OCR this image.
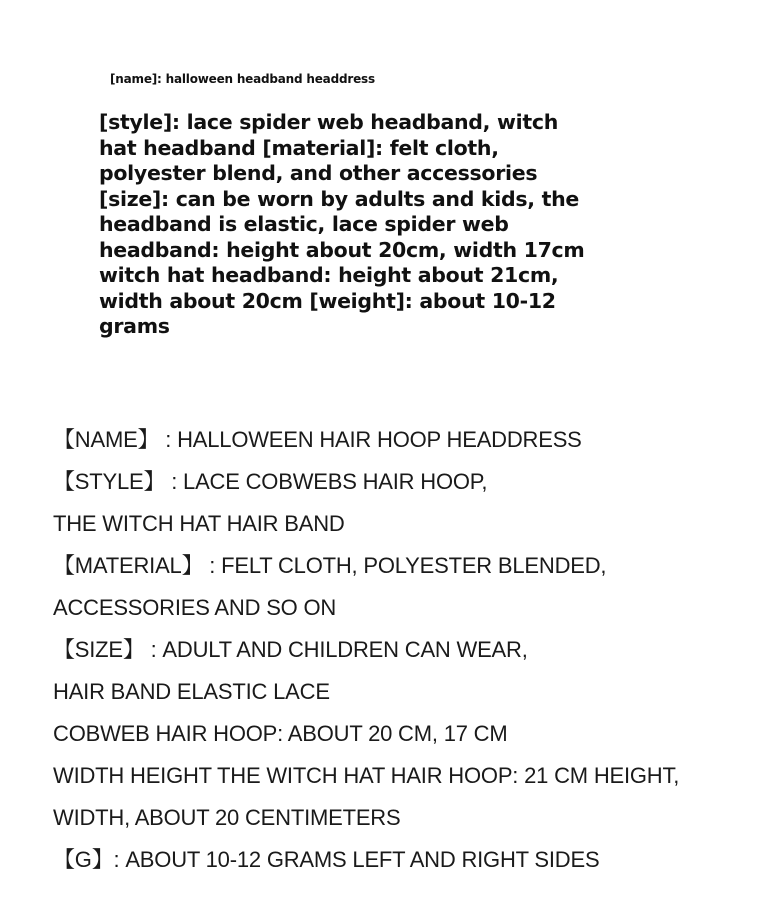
[name]: halloween headband headdress
[style]: lace spider web headband, witch
hat headband [material]: felt cloth,
polyester blend, and other accessories
[size]: can be worn by adults and kids, the
headband is elastic, lace spider web
headband: height about 20cm, width 17cm
witch hat headband: height about 21cm,
width about 20cm [weight]: about 10-12
grams
【NAME】 : HALLOWEEN HAIR HOOP HEADDRESS
【STYLE】 : LACE COBWEBS HAIR HOOP,
THE WITCH HAT HAIR BAND
【MATERIAL】 : FELT CLOTH, POLYESTER BLENDED,
ACCESSORIES AND SO ON
【SIZE】 : ADULT AND CHILDREN CAN WEAR,
HAIR BAND ELASTIC LACE
COBWEB HAIR HOOP: ABOUT 20 CM, 17 CM
WIDTH HEIGHT THE WITCH HAT HAIR HOOP: 21 CM HEIGHT,
WIDTH, ABOUT 20 CENTIMETERS
【G】: ABOUT 10-12 GRAMS LEFT AND RIGHT SIDES
